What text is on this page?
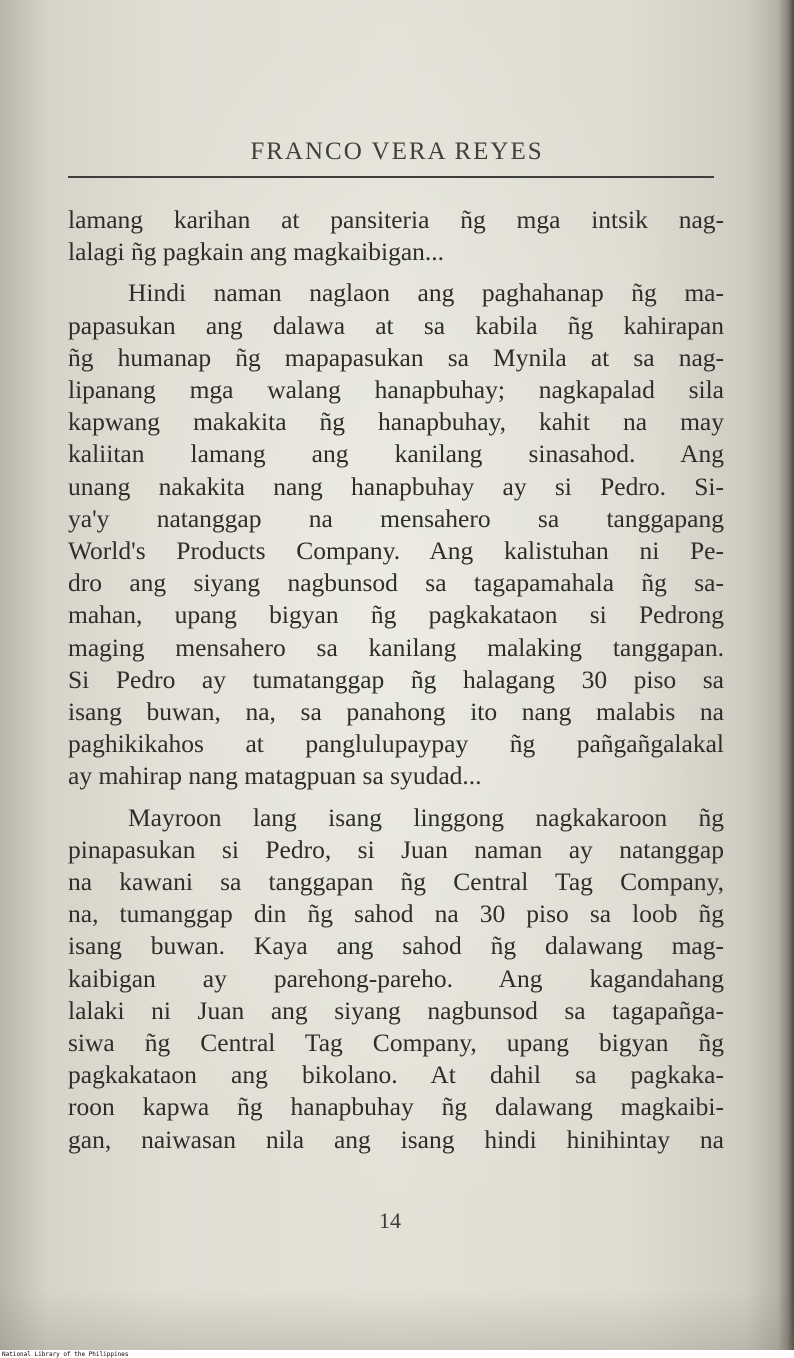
FRANCO VERA REYES

lamang karihan at pansiteria ñg mga intsik nag-
lalagi ñg pagkain ang magkaibigan...

Hindi naman naglaon ang paghahanap ñg ma-
papasukan ang dalawa at sa kabila ñg kahirapan
ñg humanap ñg mapapasukan sa Mynila at sa nag-
lipanang mga walang hanapbuhay; nagkapalad sila
kapwang makakita ñg hanapbuhay, kahit na may
kaliitan lamang ang kanilang sinasahod. Ang
unang nakakita nang hanapbuhay ay si Pedro. Si-
ya'y natanggap na mensahero sa tanggapang
World's Products Company. Ang kalistuhan ni Pe-
dro ang siyang nagbunsod sa tagapamahala ñg sa-
mahan, upang bigyan ñg pagkakataon si Pedrong
maging mensahero sa kanilang malaking tanggapan.
Si Pedro ay tumatanggap ñg halagang 30 piso sa
isang buwan, na, sa panahong ito nang malabis na
paghikikahos at panglulupaypay ñg pañgañgalakal
ay mahirap nang matagpuan sa syudad...

Mayroon lang isang linggong nagkakaroon ñg
pinapasukan si Pedro, si Juan naman ay natanggap
na kawani sa tanggapan ñg Central Tag Company,
na, tumanggap din ñg sahod na 30 piso sa loob ñg
isang buwan. Kaya ang sahod ñg dalawang mag-
kaibigan ay parehong-pareho. Ang kagandahang
lalaki ni Juan ang siyang nagbunsod sa tagapañga-
siwa ñg Central Tag Company, upang bigyan ñg
pagkakataon ang bikolano. At dahil sa pagkaka-
roon kapwa ñg hanapbuhay ñg dalawang magkaibi-
gan, naiwasan nila ang isang hindi hinihintay na

14
National Library of the Philippines
